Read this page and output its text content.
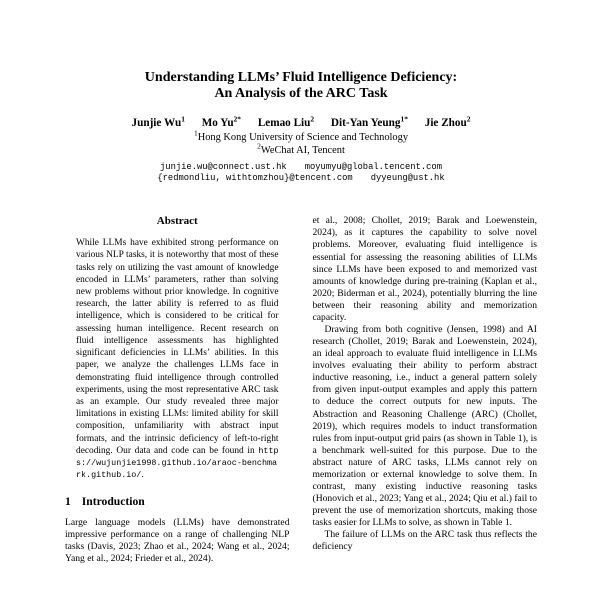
Understanding LLMs’ Fluid Intelligence Deficiency:
An Analysis of the ARC Task
Junjie Wu$^1$ Mo $Yu^{2*}$ Lemao Liu$^2$ Dit-Yan Yeung$^{1*}$ Jie Zhou$^2$
$^1$Hong Kong University of Science and Technology
$^2$WeChat AI, Tencent
junjie.wu@connect.ust.hk moyumyu@global.tencent.com
{redmondliu, withtomzhou}@tencent.com dyyeung@ust.hk
Abstract

While LLMs have exhibited strong performance on various NLP tasks, it is noteworthy that most of these tasks rely on utilizing the vast amount of knowledge encoded in LLMs’ parameters, rather than solving new problems without prior knowledge. In cognitive research, the latter ability is referred to as fluid intelligence, which is considered to be critical for assessing human intelligence. Recent research on fluid intelligence assessments has highlighted significant deficiencies in LLMs’ abilities. In this paper, we analyze the challenges LLMs face in demonstrating fluid intelligence through controlled experiments, using the most representative ARC task as an example. Our study revealed three major limitations in existing LLMs: limited ability for skill composition, unfamiliarity with abstract input formats, and the intrinsic deficiency of left-to-right decoding. Our data and code can be found in https://wujunjie1998.github.io/araoc-benchmark.github.io/.

1 Introduction

Large language models (LLMs) have demonstrated impressive performance on a range of challenging NLP tasks (Davis, 2023; Zhao et al., 2024; Wang et al., 2024; Yang et al., 2024; Frieder et al., 2024).

et al., 2008; Chollet, 2019; Barak and Loewenstein, 2024), as it captures the capability to solve novel problems. Moreover, evaluating fluid intelligence is essential for assessing the reasoning abilities of LLMs since LLMs have been exposed to and memorized vast amounts of knowledge during pre-training (Kaplan et al., 2020; Biderman et al., 2024), potentially blurring the line between their reasoning ability and memorization capacity.

Drawing from both cognitive (Jensen, 1998) and AI research (Chollet, 2019; Barak and Loewenstein, 2024), an ideal approach to evaluate fluid intelligence in LLMs involves evaluating their ability to perform abstract inductive reasoning, i.e., induct a general pattern solely from given input-output examples and apply this pattern to deduce the correct outputs for new inputs. The Abstraction and Reasoning Challenge (ARC) (Chollet, 2019), which requires models to induct transformation rules from input-output grid pairs (as shown in Table 1), is a benchmark well-suited for this purpose. Due to the abstract nature of ARC tasks, LLMs cannot rely on memorization or external knowledge to solve them. In contrast, many existing inductive reasoning tasks (Honovich et al., 2023; Yang et al., 2024; Qiu et al.) fail to prevent the use of memorization shortcuts, making those tasks easier for LLMs to solve, as shown in Table 1.

The failure of LLMs on the ARC task thus reflects the deficiency
